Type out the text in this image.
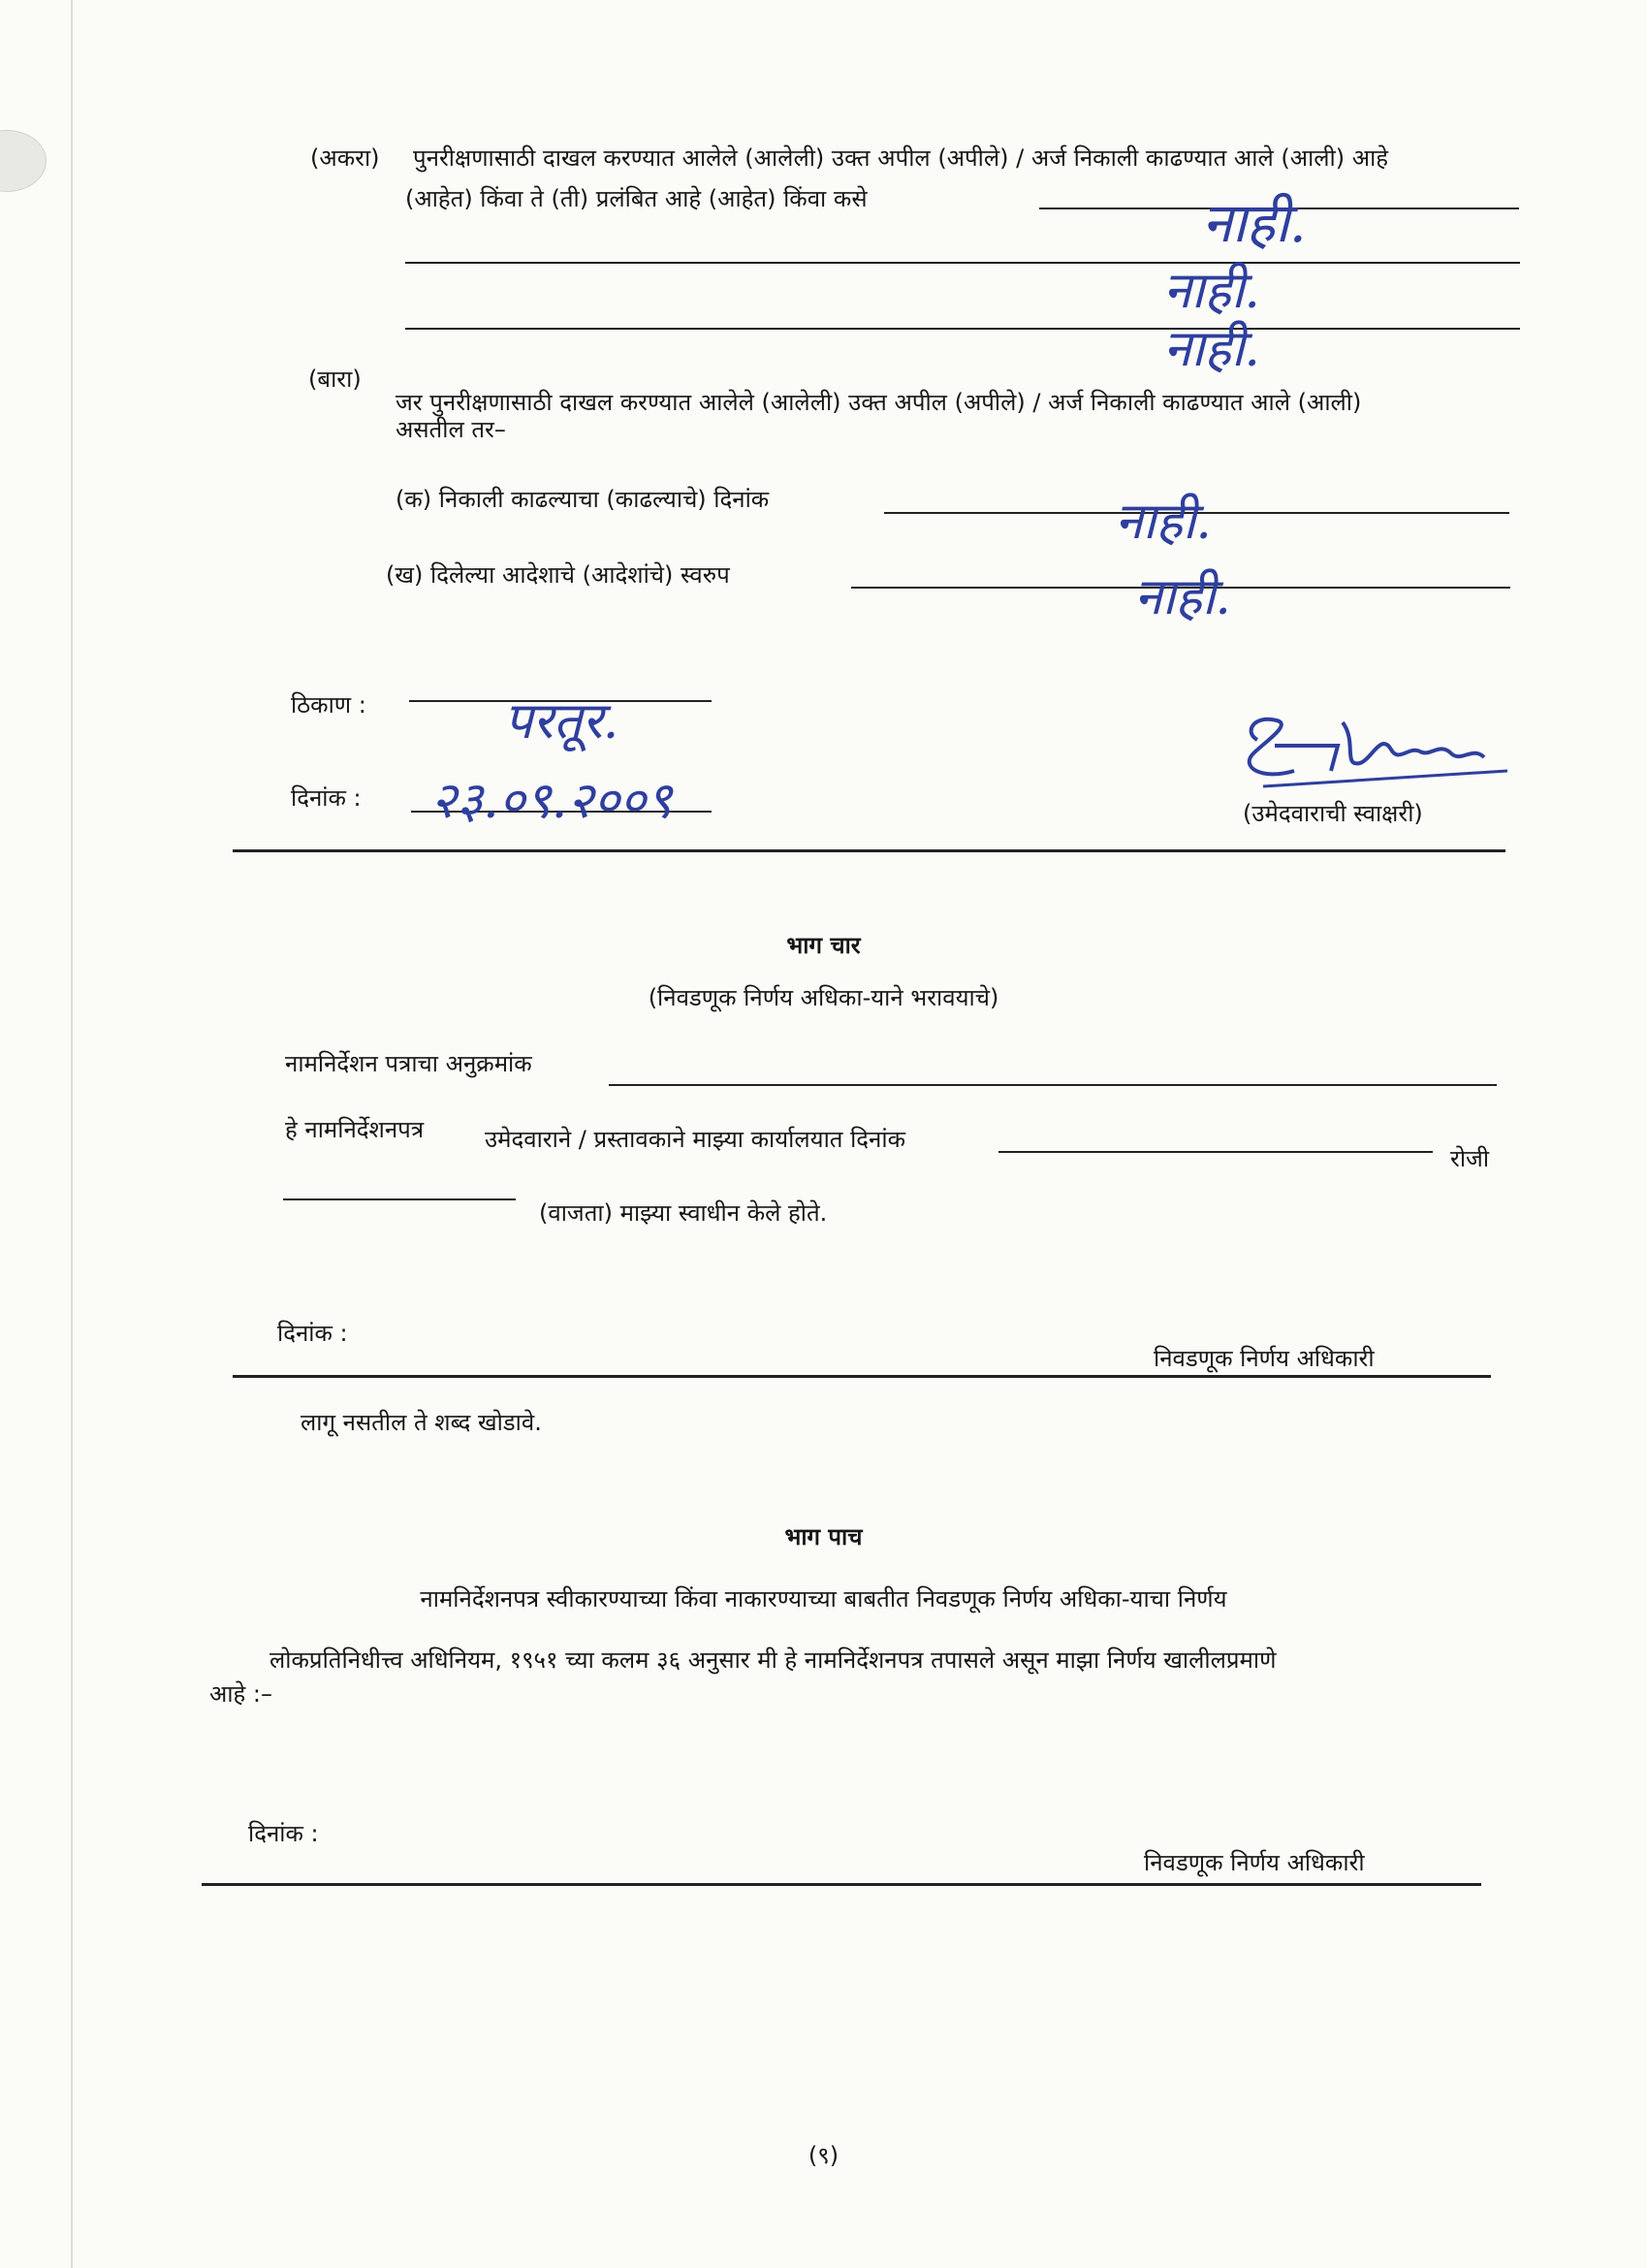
(अकरा) पुनरीक्षणासाठी दाखल करण्यात आलेले (आलेली) उक्त अपील (अपीले) / अर्ज निकाली काढण्यात आले (आली) आहे
(आहेत) किंवा ते (ती) प्रलंबित आहे (आहेत) किंवा कसे	नाही.
नाही.
नाही.
(बारा)
जर पुनरीक्षणासाठी दाखल करण्यात आलेले (आलेली) उक्त अपील (अपीले) / अर्ज निकाली काढण्यात आले (आली)
असतील तर–
(क) निकाली काढल्याचा (काढल्याचे) दिनांक	नाही.
(ख) दिलेल्या आदेशाचे (आदेशांचे) स्वरुप	नाही.
ठिकाण :	परतूर.
दिनांक : २३.०९.२००९	(उमेदवाराची स्वाक्षरी)
भाग चार
(निवडणूक निर्णय अधिका-याने भरावयाचे)
नामनिर्देशन पत्राचा अनुक्रमांक
हे नामनिर्देशनपत्र	उमेदवाराने / प्रस्तावकाने माझ्या कार्यालयात दिनांक
रोजी
(वाजता) माझ्या स्वाधीन केले होते.
दिनांक :
निवडणूक निर्णय अधिकारी
लागू नसतील ते शब्द खोडावे.
भाग पाच
नामनिर्देशनपत्र स्वीकारण्याच्या किंवा नाकारण्याच्या बाबतीत निवडणूक निर्णय अधिका-याचा निर्णय
लोकप्रतिनिधीत्त्व अधिनियम, १९५१ च्या कलम ३६ अनुसार मी हे नामनिर्देशनपत्र तपासले असून माझा निर्णय खालीलप्रमाणे
आहे :–
दिनांक :
निवडणूक निर्णय अधिकारी
(९)
